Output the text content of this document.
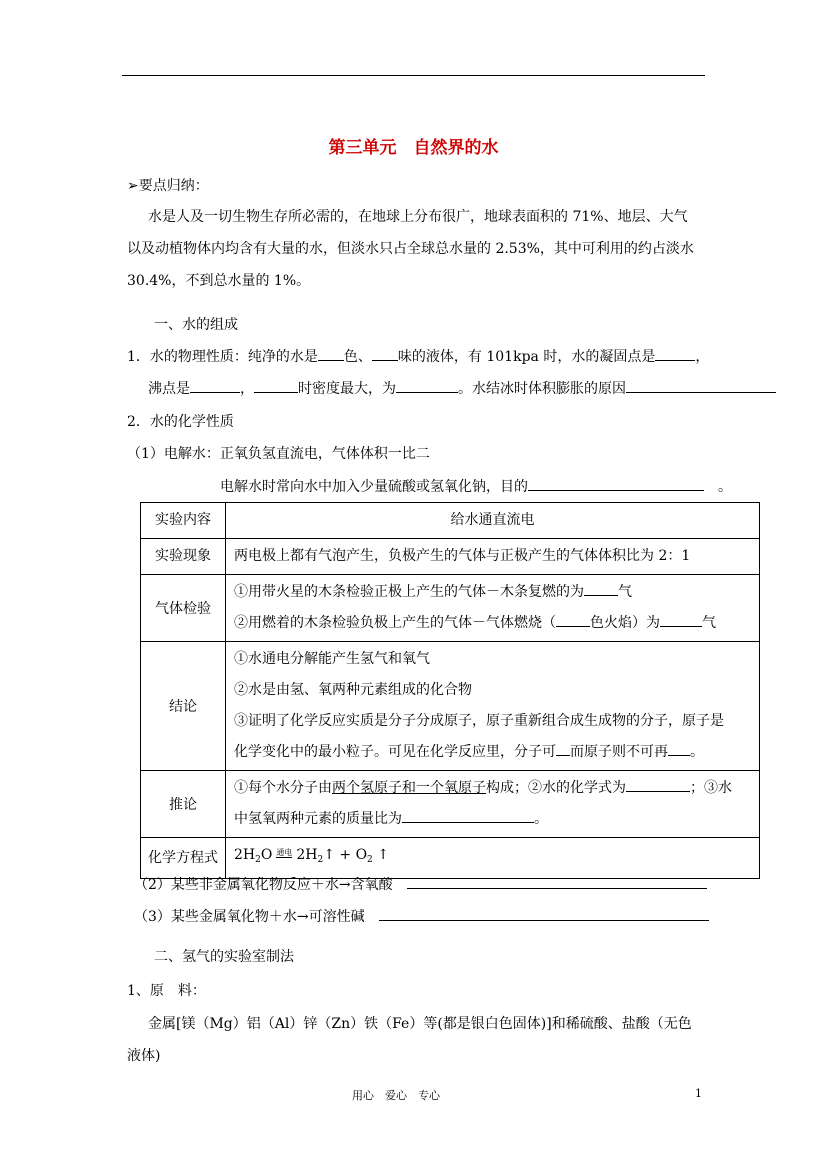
第三单元　自然界的水
➢要点归纳：
水是人及一切生物生存所必需的，在地球上分布很广，地球表面积的 71%、地层、大气
以及动植物体内均含有大量的水，但淡水只占全球总水量的 2.53%，其中可利用的约占淡水
30.4%，不到总水量的 1%。
一、水的组成
1．水的物理性质：纯净的水是 色、 味的液体，有 101kpa 时，水的凝固点是	，
沸点是	，	时密度最大，为	。水结冰时体积膨胀的原因
2．水的化学性质
（1）电解水：正氧负氢直流电，气体体积一比二
电解水时常向水中加入少量硫酸或氢氧化钠，目的　	。
实验内容	给水通直流电
实验现象	两电极上都有气泡产生，负极产生的气体与正极产生的气体体积比为 2：1
气体检验	①用带火星的木条检验正极上产生的气体－木条复燃的为 气
②用燃着的木条检验负极上产生的气体－气体燃烧（ 色火焰）为 气

结论	①水通电分解能产生氢气和氧气
②水是由氢、氧两种元素组成的化合物
③证明了化学反应实质是分子分成原子，原子重新组合成生成物的分子，原子是
化学变化中的最小粒子。可见在化学反应里，分子可 而原子则不可再 。

推论	①每个水分子由两个氢原子和一个氧原子构成；②水的化学式为 ；③水
中氢氧两种元素的质量比为 。

化学方程式	$2H_2O$ 通电 $2H_2↑ + O_2$ ↑
（2）某些非金属氧化物反应＋水→含氧酸　
（3）某些金属氧化物＋水→可溶性碱　
二、氢气的实验室制法
1、原　料：
金属[镁（Mg）铝（Al）锌（Zn）铁（Fe）等(都是银白色固体)]和稀硫酸、盐酸（无色
液体)
用心　爱心　专心	1
